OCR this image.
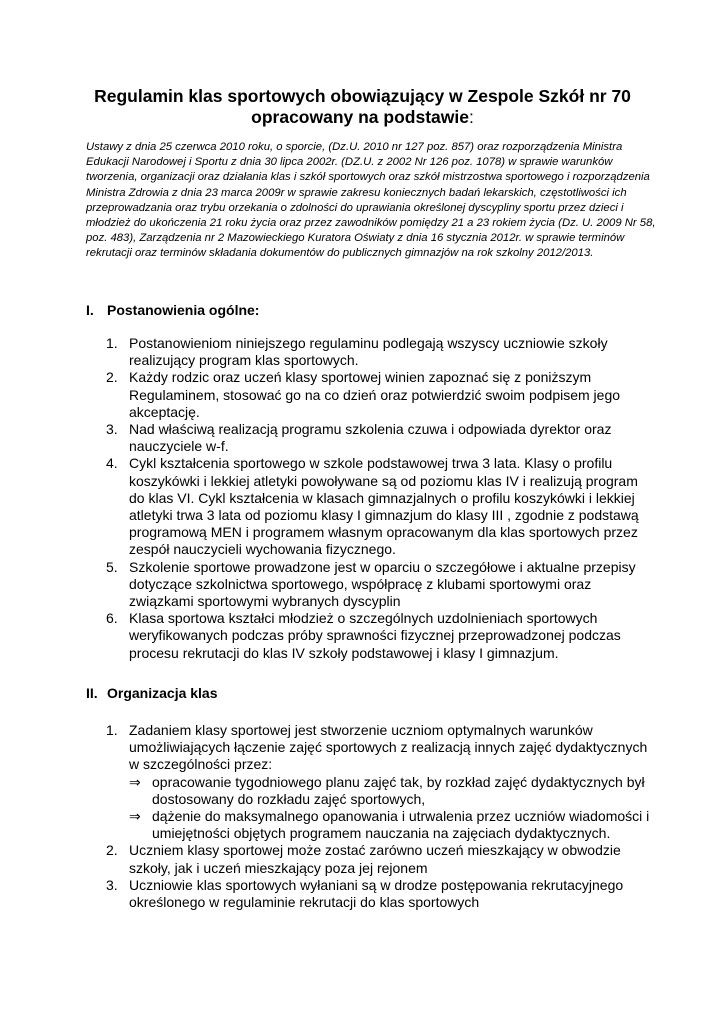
Regulamin klas sportowych obowiązujący w Zespole Szkół nr 70 opracowany na podstawie:
Ustawy z dnia 25 czerwca 2010 roku, o sporcie, (Dz.U. 2010 nr 127 poz. 857) oraz rozporządzenia Ministra Edukacji Narodowej i Sportu z dnia 30 lipca 2002r. (DZ.U. z 2002 Nr 126 poz. 1078) w sprawie warunków tworzenia, organizacji oraz działania klas i szkół sportowych oraz szkół mistrzostwa sportowego i rozporządzenia Ministra Zdrowia z dnia 23 marca 2009r w sprawie zakresu koniecznych badań lekarskich, częstotliwości ich przeprowadzania oraz trybu orzekania o zdolności do uprawiania określonej dyscypliny sportu przez dzieci i młodzież do ukończenia 21 roku życia oraz przez zawodników pomiędzy 21 a 23 rokiem życia (Dz. U. 2009 Nr 58, poz. 483), Zarządzenia nr 2 Mazowieckiego Kuratora Oświaty z dnia 16 stycznia 2012r. w sprawie terminów rekrutacji oraz terminów składania dokumentów do publicznych gimnazjów na rok szkolny 2012/2013.
I. Postanowienia ogólne:
1. Postanowieniom niniejszego regulaminu podlegają wszyscy uczniowie szkoły realizujący program klas sportowych.
2. Każdy rodzic oraz uczeń klasy sportowej winien zapoznać się z poniższym Regulaminem, stosować go na co dzień oraz potwierdzić swoim podpisem jego akceptację.
3. Nad właściwą realizacją programu szkolenia czuwa i odpowiada dyrektor oraz nauczyciele w-f.
4. Cykl kształcenia sportowego w szkole podstawowej trwa 3 lata. Klasy o profilu koszykówki i lekkiej atletyki powoływane są od poziomu klas IV i realizują program do klas VI. Cykl kształcenia w klasach gimnazjalnych o profilu koszykówki i lekkiej atletyki trwa 3 lata od poziomu klasy I gimnazjum do klasy III , zgodnie z podstawą programową MEN i programem własnym opracowanym dla klas sportowych przez zespół nauczycieli wychowania fizycznego.
5. Szkolenie sportowe prowadzone jest w oparciu o szczegółowe i aktualne przepisy dotyczące szkolnictwa sportowego, współpracę z klubami sportowymi oraz związkami sportowymi wybranych dyscyplin
6. Klasa sportowa kształci młodzież o szczególnych uzdolnieniach sportowych weryfikowanych podczas próby sprawności fizycznej przeprowadzonej podczas procesu rekrutacji do klas IV szkoły podstawowej i klasy I gimnazjum.
II. Organizacja klas
1. Zadaniem klasy sportowej jest stworzenie uczniom optymalnych warunków umożliwiających łączenie zajęć sportowych z realizacją innych zajęć dydaktycznych w szczególności przez:
⇒ opracowanie tygodniowego planu zajęć tak, by rozkład zajęć dydaktycznych był dostosowany do rozkładu zajęć sportowych,
⇒ dążenie do maksymalnego opanowania i utrwalenia przez uczniów wiadomości i umiejętności objętych programem nauczania na zajęciach dydaktycznych.
2. Uczniem klasy sportowej może zostać zarówno uczeń mieszkający w obwodzie szkoły, jak i uczeń mieszkający poza jej rejonem
3. Uczniowie klas sportowych wyłaniani są w drodze postępowania rekrutacyjnego określonego w regulaminie rekrutacji do klas sportowych
